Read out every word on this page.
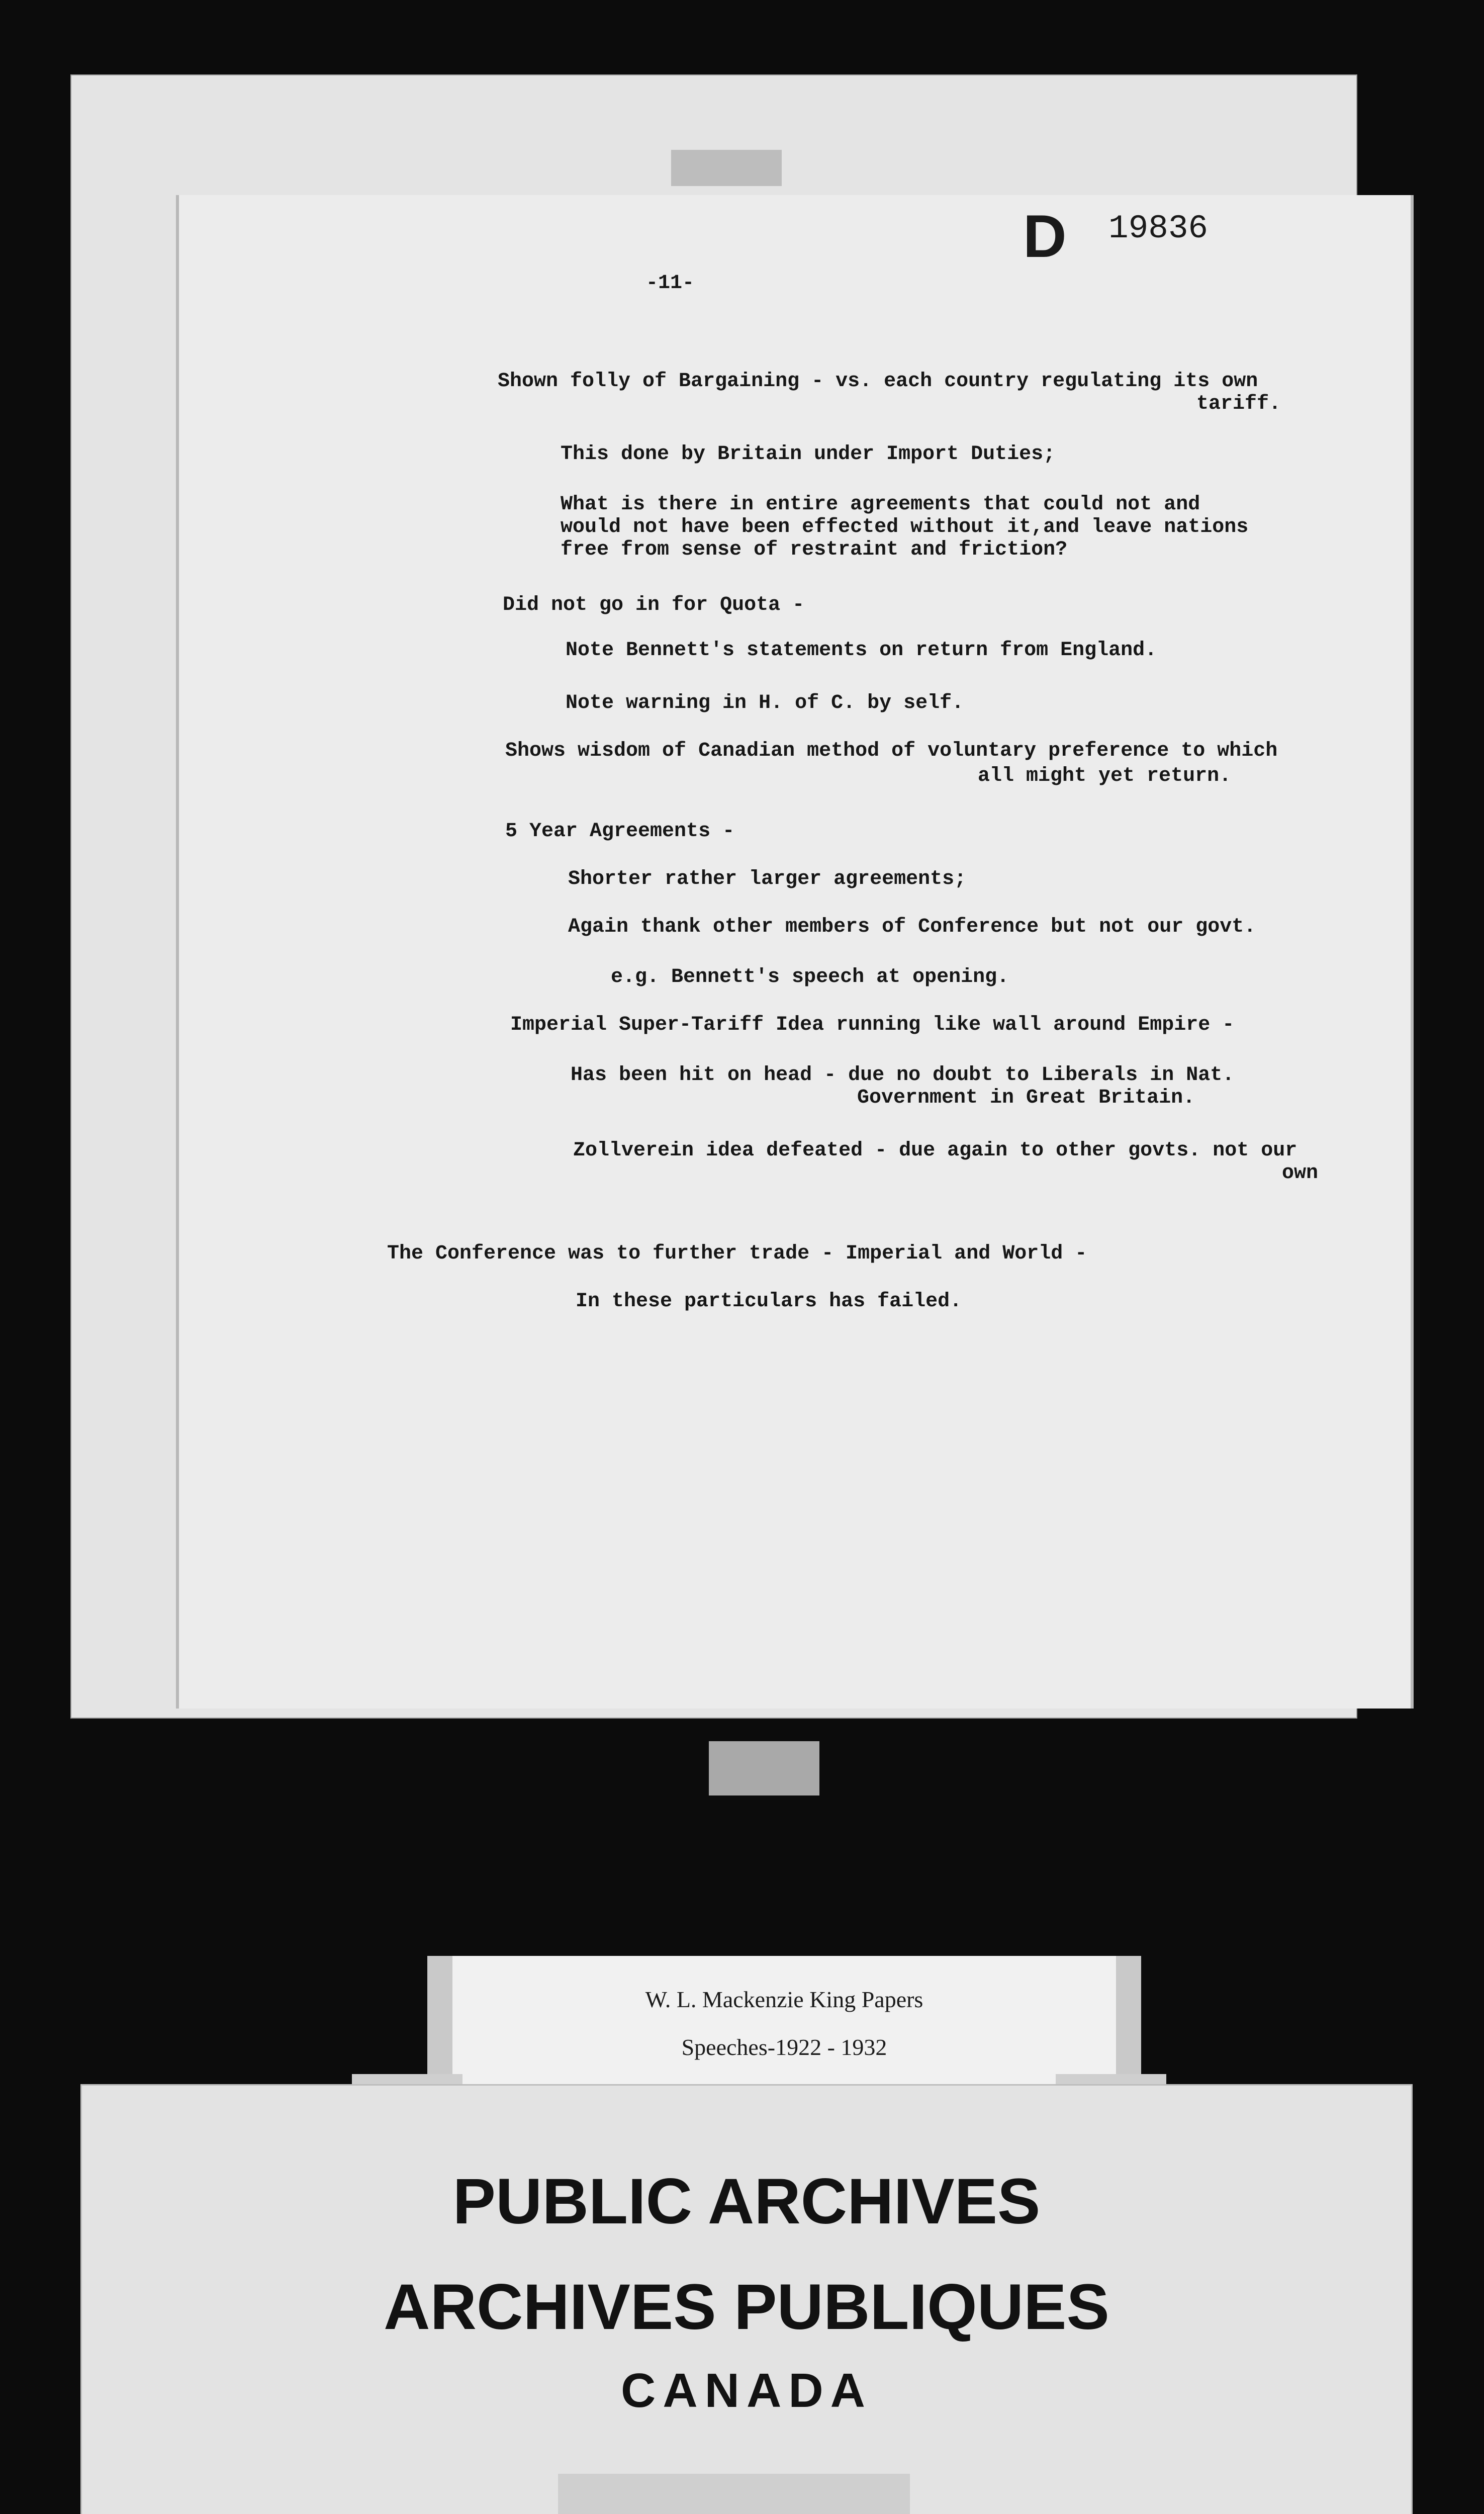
D 19836
-11-
Shown folly of Bargaining - vs. each country regulating its own
tariff.
This done by Britain under Import Duties;
What is there in entire agreements that could not and
would not have been effected without it,and leave nations
free from sense of restraint and friction?
Did not go in for Quota -
Note Bennett's statements on return from England.
Note warning in H. of C. by self.
Shows wisdom of Canadian method of voluntary preference to which
all might yet return.
5 Year Agreements -
Shorter rather larger agreements;
Again thank other members of Conference but not our govt.
e.g. Bennett's speech at opening.
Imperial Super-Tariff Idea running like wall around Empire -
Has been hit on head - due no doubt to Liberals in Nat.
Government in Great Britain.
Zollverein idea defeated - due again to other govts. not our
own
The Conference was to further trade - Imperial and World -
In these particulars has failed.
W. L. Mackenzie King Papers
Speeches-1922 - 1932
PUBLIC ARCHIVES
ARCHIVES PUBLIQUES
CANADA
